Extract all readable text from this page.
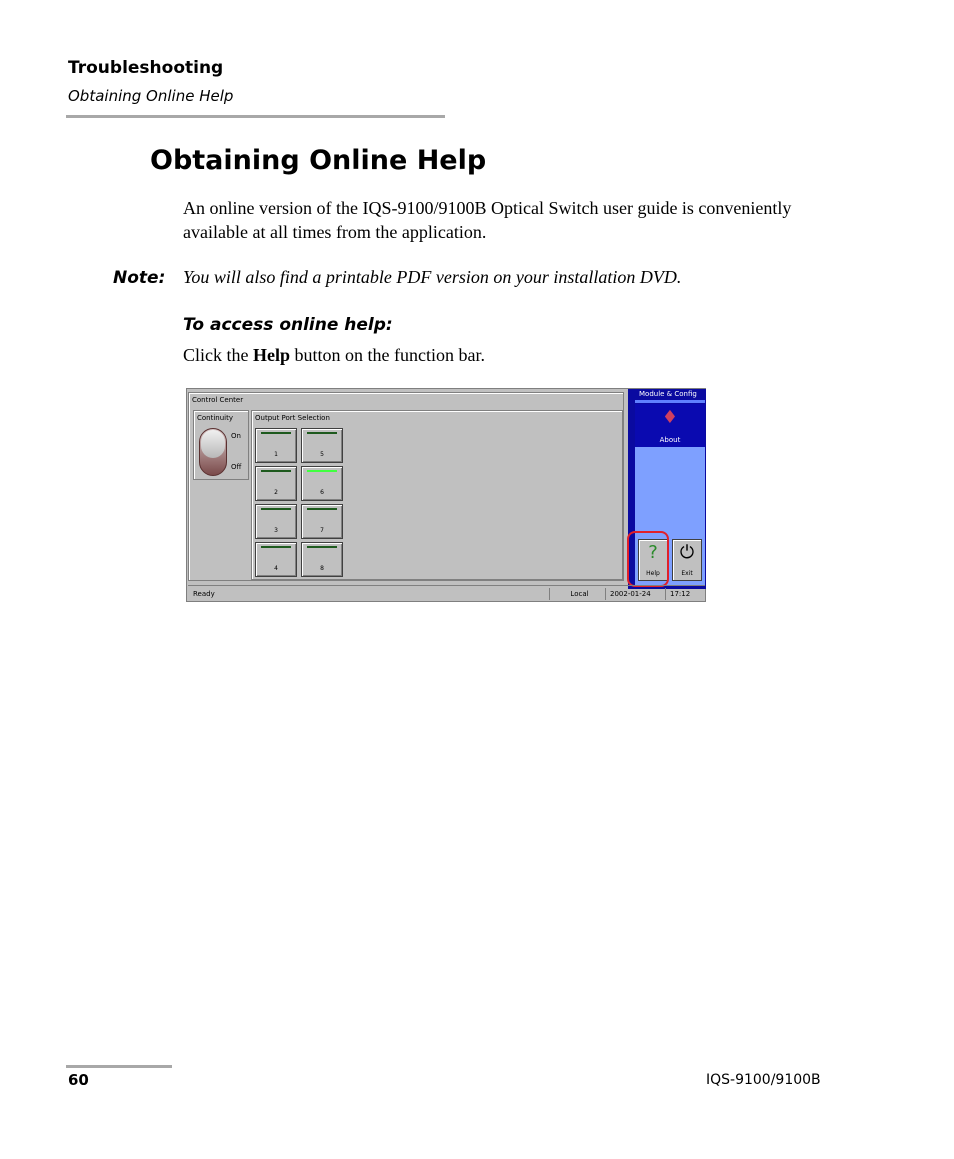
Troubleshooting
Obtaining Online Help
Obtaining Online Help

An online version of the IQS-9100/9100B Optical Switch user guide is conveniently available at all times from the application.

Note: You will also find a printable PDF version on your installation DVD.
To access online help:
Click the Help button on the function bar.
Control Center
Continuity
On
Off
Output Port Selection
1
2
3
4
5
6
7
8
Module & Config
♦
About
?
Help
⏻
Exit
Ready	Local	2002-01-24	17:12
60	IQS-9100/9100B
